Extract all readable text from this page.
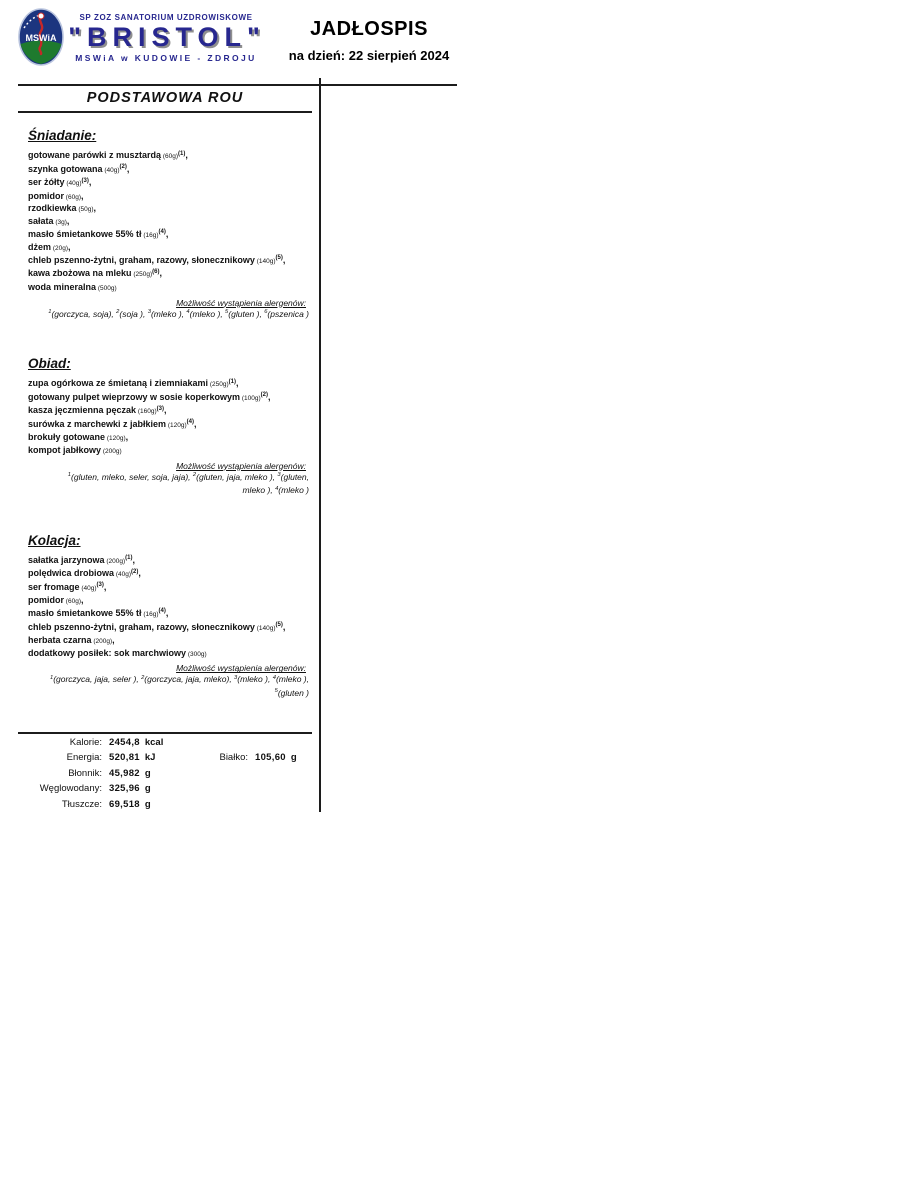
MSWiA
SP ZOZ SANATORIUM UZDROWISKOWE
"BRISTOL"
MSWiA w KUDOWIE - ZDROJU
JADŁOSPIS
na dzień: 22 sierpień 2024
PODSTAWOWA ROU
Śniadanie:
gotowane parówki z musztardą $(60g)^{(1)}$,
szynka gotowana $(40g)^{(2)}$,
ser żółty $(40g)^{(3)}$,
pomidor (60g),
rzodkiewka (50g),
sałata (3g),
masło śmietankowe 55% tł $(16g)^{(4)}$,
dżem (20g),
chleb pszenno-żytni, graham, razowy, słonecznikowy $(140g)^{(5)}$,
kawa zbożowa na mleku $(250g)^{(6)}$,
woda mineralna (500g)
Możliwość wystąpienia alergenów:
$^1$(gorczyca, soja), $^2$(soja ), $^3$(mleko ), $^4$(mleko ), $^5$(gluten ), $^6$(pszenica )
Obiad:
zupa ogórkowa ze śmietaną i ziemniakami $(250g)^{(1)}$,
gotowany pulpet wieprzowy w sosie koperkowym $(100g)^{(2)}$,
kasza jęczmienna pęczak $(160g)^{(3)}$,
surówka z marchewki z jabłkiem $(120g)^{(4)}$,
brokuły gotowane (120g),
kompot jabłkowy (200g)
Możliwość wystąpienia alergenów:
$^1$(gluten, mleko, seler, soja, jaja), $^2$(gluten, jaja, mleko ), $^3$(gluten,
mleko ), $^4$(mleko )
Kolacja:
sałatka jarzynowa $(200g)^{(1)}$,
polędwica drobiowa $(40g)^{(2)}$,
ser fromage $(40g)^{(3)}$,
pomidor (60g),
masło śmietankowe 55% tł $(16g)^{(4)}$,
chleb pszenno-żytni, graham, razowy, słonecznikowy $(140g)^{(5)}$,
herbata czarna (200g),
dodatkowy posiłek: sok marchwiowy (300g)
Możliwość wystąpienia alergenów:
$^1$(gorczyca, jaja, seler ), $^2$(gorczyca, jaja, mleko), $^3$(mleko ), $^4$(mleko ),
$^5$(gluten )
Kalorie: 2454,8 kcal
Energia: 520,81 kJ
Błonnik: 45,982 g
Węglowodany: 325,96 g
Tłuszcze: 69,518 g
Białko: 105,60 g
